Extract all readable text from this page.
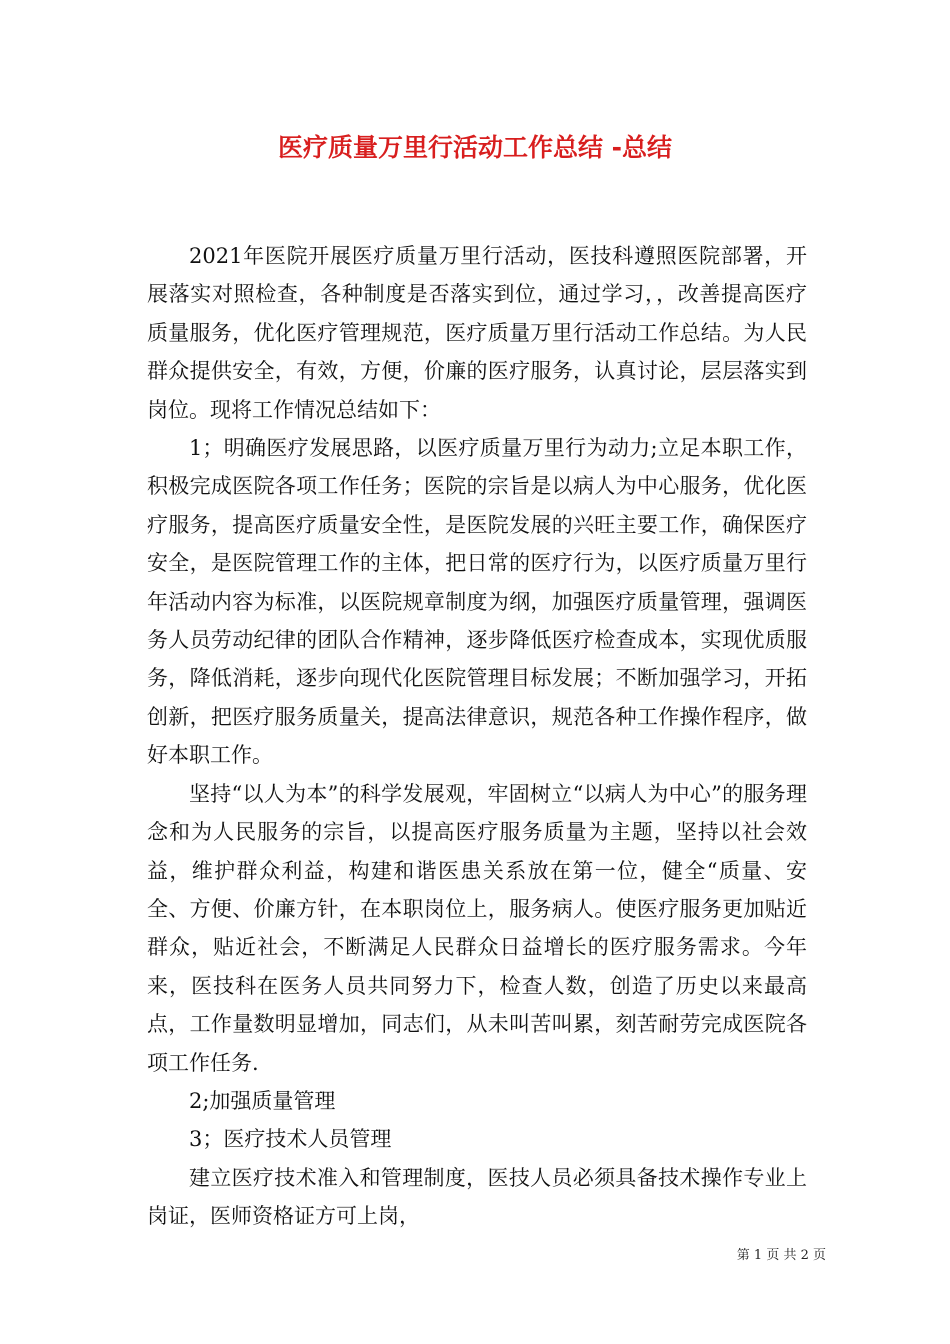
医疗质量万里行活动工作总结 -总结

2021年医院开展医疗质量万里行活动，医技科遵照医院部署，开展落实对照检查，各种制度是否落实到位，通过学习，，改善提高医疗质量服务，优化医疗管理规范，医疗质量万里行活动工作总结。为人民群众提供安全，有效，方便，价廉的医疗服务，认真讨论，层层落实到岗位。现将工作情况总结如下：

1；明确医疗发展思路，以医疗质量万里行为动力;立足本职工作，积极完成医院各项工作任务；医院的宗旨是以病人为中心服务，优化医疗服务，提高医疗质量安全性，是医院发展的兴旺主要工作，确保医疗安全，是医院管理工作的主体，把日常的医疗行为，以医疗质量万里行年活动内容为标准，以医院规章制度为纲，加强医疗质量管理，强调医务人员劳动纪律的团队合作精神，逐步降低医疗检查成本，实现优质服务，降低消耗，逐步向现代化医院管理目标发展；不断加强学习，开拓创新，把医疗服务质量关，提高法律意识，规范各种工作操作程序，做好本职工作。

坚持“以人为本”的科学发展观，牢固树立“以病人为中心”的服务理念和为人民服务的宗旨，以提高医疗服务质量为主题，坚持以社会效益，维护群众利益，构建和谐医患关系放在第一位，健全“质量、安全、方便、价廉方针，在本职岗位上，服务病人。使医疗服务更加贴近群众，贴近社会，不断满足人民群众日益增长的医疗服务需求。今年来，医技科在医务人员共同努力下，检查人数，创造了历史以来最高点，工作量数明显增加，同志们，从未叫苦叫累，刻苦耐劳完成医院各项工作任务.

2;加强质量管理

3；医疗技术人员管理

建立医疗技术准入和管理制度，医技人员必须具备技术操作专业上岗证，医师资格证方可上岗，

第 1 页 共 2 页
